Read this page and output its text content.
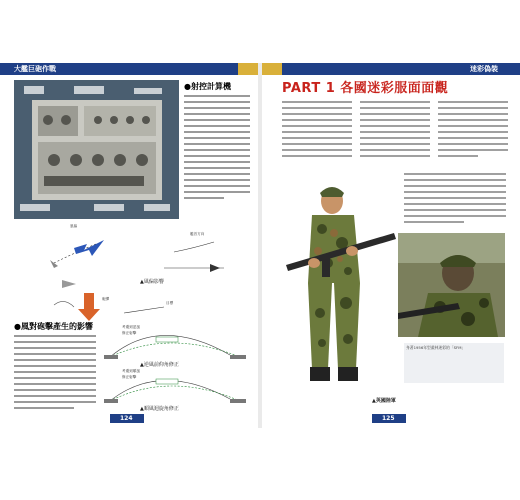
大艦巨砲作戰	迷彩偽裝
●射控計算機
風偏
艦首方向
▲風偏影響
砲彈
目標
●風對砲擊產生的影響	考慮到逆風
修正射擊
▲逆風前仰角修正
考慮到順風
修正射擊
▲順風迴旋角修正
124
PART 1 各國迷彩服面面觀
▲英國陸軍
身著1956年型叢林迷彩的「SFM」
125
